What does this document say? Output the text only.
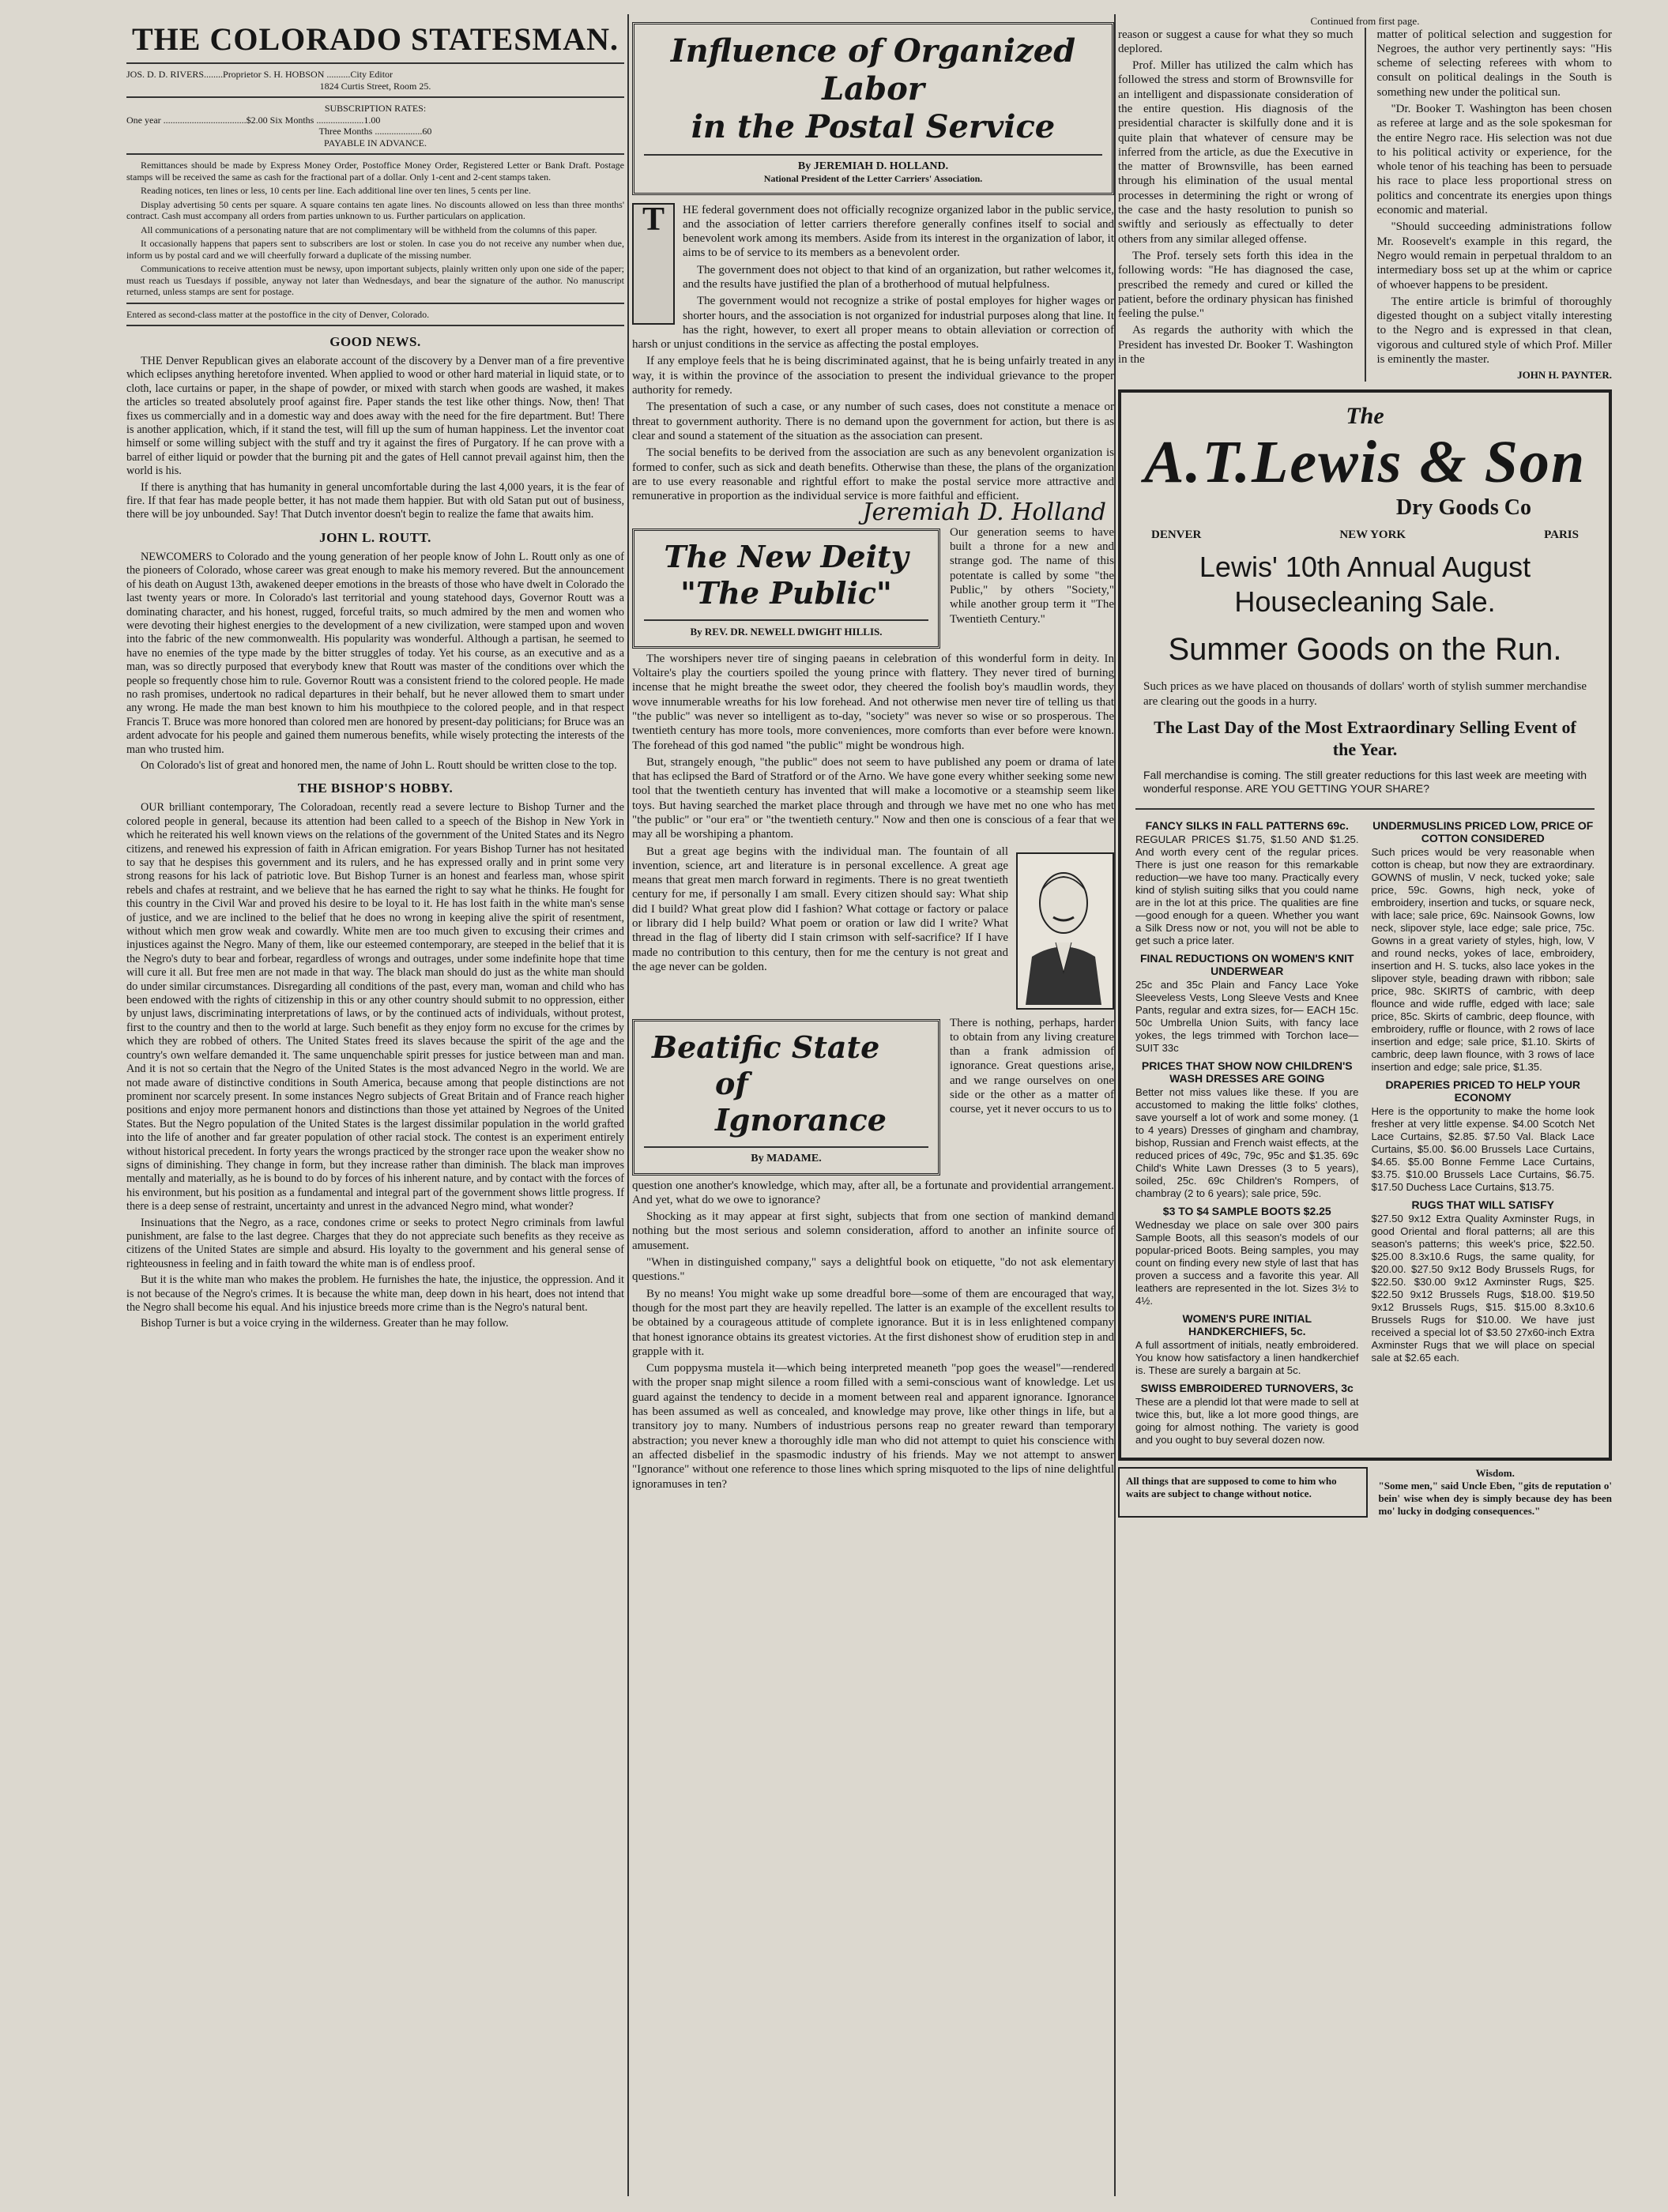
THE COLORADO STATESMAN.
JOS. D. D. RIVERS........Proprietor S. H. HOBSON ..........City Editor
1824 Curtis Street, Room 25.
SUBSCRIPTION RATES:
One year ...................................$2.00 Six Months ....................1.00
Three Months ....................60
PAYABLE IN ADVANCE.

Remittances should be made by Express Money Order, Postoffice Money Order, Registered Letter or Bank Draft. Postage stamps will be received the same as cash for the fractional part of a dollar. Only 1-cent and 2-cent stamps taken.

Reading notices, ten lines or less, 10 cents per line. Each additional line over ten lines, 5 cents per line.

Display advertising 50 cents per square. A square contains ten agate lines. No discounts allowed on less than three months' contract. Cash must accompany all orders from parties unknown to us. Further particulars on application.

All communications of a personating nature that are not complimentary will be withheld from the columns of this paper.

It occasionally happens that papers sent to subscribers are lost or stolen. In case you do not receive any number when due, inform us by postal card and we will cheerfully forward a duplicate of the missing number.

Communications to receive attention must be newsy, upon important subjects, plainly written only upon one side of the paper; must reach us Tuesdays if possible, anyway not later than Wednesdays, and bear the signature of the author. No manuscript returned, unless stamps are sent for postage.

Entered as second-class matter at the postoffice in the city of Denver, Colorado.
GOOD NEWS.

THE Denver Republican gives an elaborate account of the discovery by a Denver man of a fire preventive which eclipses anything heretofore invented. When applied to wood or other hard material in liquid state, or to cloth, lace curtains or paper, in the shape of powder, or mixed with starch when goods are washed, it makes the articles so treated absolutely proof against fire. Paper stands the test like other things. Now, then! That fixes us commercially and in a domestic way and does away with the need for the fire department. But! There is another application, which, if it stand the test, will fill up the sum of human happiness. Let the inventor coat himself or some willing subject with the stuff and try it against the fires of Purgatory. If he can prove with a barrel of either liquid or powder that the burning pit and the gates of Hell cannot prevail against him, then the world is his.

If there is anything that has humanity in general uncomfortable during the last 4,000 years, it is the fear of fire. If that fear has made people better, it has not made them happier. But with old Satan put out of business, there will be joy unbounded. Say! That Dutch inventor doesn't begin to realize the fame that awaits him.

JOHN L. ROUTT.

NEWCOMERS to Colorado and the young generation of her people know of John L. Routt only as one of the pioneers of Colorado, whose career was great enough to make his memory revered. But the announcement of his death on August 13th, awakened deeper emotions in the breasts of those who have dwelt in Colorado the last twenty years or more. In Colorado's last territorial and young statehood days, Governor Routt was a dominating character, and his honest, rugged, forceful traits, so much admired by the men and women who were devoting their highest energies to the development of a new civilization, were stamped upon and woven into the fabric of the new commonwealth. His popularity was wonderful. Although a partisan, he seemed to have no enemies of the type made by the bitter struggles of today. Yet his course, as an executive and as a man, was so directly purposed that everybody knew that Routt was master of the conditions over which the people so frequently chose him to rule. Governor Routt was a consistent friend to the colored people. He made no rash promises, undertook no radical departures in their behalf, but he never allowed them to smart under any wrong. He made the man best known to him his mouthpiece to the colored people, and in that respect Francis T. Bruce was more honored than colored men are honored by present-day politicians; for Bruce was an ardent advocate for his people and gained them numerous benefits, while wisely protecting the interests of the man who trusted him.

On Colorado's list of great and honored men, the name of John L. Routt should be written close to the top.

THE BISHOP'S HOBBY.

OUR brilliant contemporary, The Coloradoan, recently read a severe lecture to Bishop Turner and the colored people in general, because its attention had been called to a speech of the Bishop in New York in which he reiterated his well known views on the relations of the government of the United States and its Negro citizens, and renewed his expression of faith in African emigration. For years Bishop Turner has not hesitated to say that he despises this government and its rulers, and he has expressed orally and in print some very strong reasons for his lack of patriotic love. But Bishop Turner is an honest and fearless man, whose spirit rebels and chafes at restraint, and we believe that he has earned the right to say what he thinks. He fought for this country in the Civil War and proved his desire to be loyal to it. He has lost faith in the white man's sense of justice, and we are inclined to the belief that he does no wrong in keeping alive the spirit of resentment, without which men grow weak and cowardly. White men are too much given to excusing their crimes and injustices against the Negro. Many of them, like our esteemed contemporary, are steeped in the belief that it is the Negro's duty to bear and forbear, regardless of wrongs and outrages, under some indefinite hope that time will cure it all. But free men are not made in that way. The black man should do just as the white man should do under similar circumstances. Disregarding all conditions of the past, every man, woman and child who has been endowed with the rights of citizenship in this or any other country should submit to no oppression, either by unjust laws, discriminating interpretations of laws, or by the continued acts of individuals, without protest, first to the country and then to the world at large. Such benefit as they enjoy form no excuse for the crimes by which they are robbed of others. The United States freed its slaves because the spirit of the age and the country's own welfare demanded it. The same unquenchable spirit presses for justice between man and man. And it is not so certain that the Negro of the United States is the most advanced Negro in the world. We are not made aware of distinctive conditions in South America, because among that people distinctions are not prominent nor scarcely present. In some instances Negro subjects of Great Britain and of France reach higher positions and enjoy more permanent honors and distinctions than those yet attained by Negroes of the United States. But the Negro population of the United States is the largest dissimilar population in the world grafted into the life of another and far greater population of other racial stock. The contest is an experiment entirely without historical precedent. In forty years the wrongs practiced by the stronger race upon the weaker show no signs of diminishing. They change in form, but they increase rather than diminish. The black man improves mentally and materially, as he is bound to do by forces of his inherent nature, and by contact with the forces of his environment, but his position as a fundamental and integral part of the government shows little progress. If there is a deep sense of restraint, uncertainty and unrest in the advanced Negro mind, what wonder?

Insinuations that the Negro, as a race, condones crime or seeks to protect Negro criminals from lawful punishment, are false to the last degree. Charges that they do not appreciate such benefits as they receive as citizens of the United States are simple and absurd. His loyalty to the government and his general sense of righteousness in feeling and in faith toward the white man is of endless proof.

But it is the white man who makes the problem. He furnishes the hate, the injustice, the oppression. And it is not because of the Negro's crimes. It is because the white man, deep down in his heart, does not intend that the Negro shall become his equal. And his injustice breeds more crime than is the Negro's natural bent.

Bishop Turner is but a voice crying in the wilderness. Greater than he may follow.

Influence of Organized Labor
in the Postal Service
By JEREMIAH D. HOLLAND.
National President of the Letter Carriers' Association.
T	HE federal government does not officially recognize organized labor in the public service, and the association of letter carriers therefore generally confines itself to social and benevolent work among its members. Aside from its interest in the organization of labor, it aims to be of service to its members as a benevolent order.

The government does not object to that kind of an organization, but rather welcomes it, and the results have justified the plan of a brotherhood of mutual helpfulness.

The government would not recognize a strike of postal employes for higher wages or shorter hours, and the association is not organized for industrial purposes along that line. It has the right, however, to exert all proper means to obtain alleviation or correction of harsh or unjust conditions in the service as affecting the postal employes.

If any employe feels that he is being discriminated against, that he is being unfairly treated in any way, it is within the province of the association to present the individual grievance to the proper authority for remedy.

The presentation of such a case, or any number of such cases, does not constitute a menace or threat to government authority. There is no demand upon the government for action, but there is as clear and sound a statement of the situation as the association can present.

The social benefits to be derived from the association are such as any benevolent organization is formed to confer, such as sick and death benefits. Otherwise than these, the plans of the organization are to use every reasonable and rightful effort to make the postal service more attractive and remunerative in proportion as the individual service is more faithful and efficient.

Jeremiah D. Holland
The New Deity
"The Public"
By REV. DR. NEWELL DWIGHT HILLIS.
Our generation seems to have built a throne for a new and strange god. The name of this potentate is called by some "the Public," by others "Society," while another group term it "The Twentieth Century."

The worshipers never tire of singing paeans in celebration of this wonderful form in deity. In Voltaire's play the courtiers spoiled the young prince with flattery. They never tired of burning incense that he might breathe the sweet odor, they cheered the foolish boy's maudlin words, they wove innumerable wreaths for his low forehead. And not otherwise men never tire of telling us that "the public" was never so intelligent as to-day, "society" was never so wise or so prosperous. The twentieth century has more tools, more conveniences, more comforts than ever before were known. The forehead of this god named "the public" might be wondrous high.

But, strangely enough, "the public" does not seem to have published any poem or drama of late that has eclipsed the Bard of Stratford or of the Arno. We have gone every whither seeking some new tool that the twentieth century has invented that will make a locomotive or a steamship seem like toys. But having searched the market place through and through we have met no one who has met "the public" or "our era" or "the twentieth century." Now and then one is conscious of a fear that we may all be worshiping a phantom.

But a great age begins with the individual man. The fountain of all invention, science, art and literature is in personal excellence. A great age means that great men march forward in regiments. There is no great twentieth century for me, if personally I am small. Every citizen should say: What ship did I build? What great plow did I fashion? What cottage or factory or palace or library did I help build? What poem or oration or law did I write? What thread in the flag of liberty did I stain crimson with self-sacrifice? If I have made no contribution to this century, then for me the century is not great and the age never can be golden.

Beatific State
of Ignorance
By MADAME.
There is nothing, perhaps, harder to obtain from any living creature than a frank admission of ignorance. Great questions arise, and we range ourselves on one side or the other as a matter of course, yet it never occurs to us to

question one another's knowledge, which may, after all, be a fortunate and providential arrangement. And yet, what do we owe to ignorance?

Shocking as it may appear at first sight, subjects that from one section of mankind demand nothing but the most serious and solemn consideration, afford to another an infinite source of amusement.

"When in distinguished company," says a delightful book on etiquette, "do not ask elementary questions."

By no means! You might wake up some dreadful bore—some of them are encouraged that way, though for the most part they are heavily repelled. The latter is an example of the excellent results to be obtained by a courageous attitude of complete ignorance. But it is in less enlightened company that honest ignorance obtains its greatest victories. At the first dishonest show of erudition step in and grapple with it.

Cum poppysma mustela it—which being interpreted meaneth "pop goes the weasel"—rendered with the proper snap might silence a room filled with a semi-conscious want of knowledge. Let us guard against the tendency to decide in a moment between real and apparent ignorance. Ignorance has been assumed as well as concealed, and knowledge may prove, like other things in life, but a transitory joy to many. Numbers of industrious persons reap no greater reward than temporary abstraction; you never knew a thoroughly idle man who did not attempt to quiet his conscience with an affected disbelief in the spasmodic industry of his friends. May we not attempt to answer "Ignorance" without one reference to those lines which spring misquoted to the lips of nine delightful ignoramuses in ten?

Continued from first page.

reason or suggest a cause for what they so much deplored.

Prof. Miller has utilized the calm which has followed the stress and storm of Brownsville for an intelligent and dispassionate consideration of the entire question. His diagnosis of the presidential character is skilfully done and it is quite plain that whatever of censure may be inferred from the article, as due the Executive in the matter of Brownsville, has been earned through his elimination of the usual mental processes in determining the right or wrong of the case and the hasty resolution to punish so swiftly and seriously as effectually to deter others from any similar alleged offense.

The Prof. tersely sets forth this idea in the following words: "He has diagnosed the case, prescribed the remedy and cured or killed the patient, before the ordinary physican has finished feeling the pulse."

As regards the authority with which the President has invested Dr. Booker T. Washington in the

matter of political selection and suggestion for Negroes, the author very pertinently says: "His scheme of selecting referees with whom to consult on political dealings in the South is something new under the political sun.

"Dr. Booker T. Washington has been chosen as referee at large and as the sole spokesman for the entire Negro race. His selection was not due to his political activity or experience, for the whole tenor of his teaching has been to persuade his race to place less proportional stress on politics and concentrate its energies upon things economic and material.

"Should succeeding administrations follow Mr. Roosevelt's example in this regard, the Negro would remain in perpetual thraldom to an intermediary boss set up at the whim or caprice of whoever happens to be president.

The entire article is brimful of thoroughly digested thought on a subject vitally interesting to the Negro and is expressed in that clean, vigorous and cultured style of which Prof. Miller is eminently the master.

JOHN H. PAYNTER.
The
A.T.Lewis & Son
Dry Goods Co
DENVER	NEW YORK	PARIS
Lewis' 10th Annual August
Housecleaning Sale.
Summer Goods on the Run.
Such prices as we have placed on thousands of dollars' worth of stylish summer merchandise are clearing out the goods in a hurry.
The Last Day of the Most Extraordinary Selling Event of the Year.
Fall merchandise is coming. The still greater reductions for this last week are meeting with wonderful response. ARE YOU GETTING YOUR SHARE?
FANCY SILKS IN FALL PATTERNS 69c.
REGULAR PRICES $1.75, $1.50 AND $1.25. And worth every cent of the regular prices. There is just one reason for this remarkable reduction—we have too many. Practically every kind of stylish suiting silks that you could name are in the lot at this price. The qualities are fine—good enough for a queen. Whether you want a Silk Dress now or not, you will not be able to get such a price later.
FINAL REDUCTIONS ON WOMEN'S KNIT UNDERWEAR
25c and 35c Plain and Fancy Lace Yoke Sleeveless Vests, Long Sleeve Vests and Knee Pants, regular and extra sizes, for— EACH 15c. 50c Umbrella Union Suits, with fancy lace yokes, the legs trimmed with Torchon lace— SUIT 33c
PRICES THAT SHOW NOW CHILDREN'S WASH DRESSES ARE GOING
Better not miss values like these. If you are accustomed to making the little folks' clothes, save yourself a lot of work and some money. (1 to 4 years) Dresses of gingham and chambray, bishop, Russian and French waist effects, at the reduced prices of 49c, 79c, 95c and $1.35. 69c Child's White Lawn Dresses (3 to 5 years), soiled, 25c. 69c Children's Rompers, of chambray (2 to 6 years); sale price, 59c.
$3 TO $4 SAMPLE BOOTS $2.25
Wednesday we place on sale over 300 pairs Sample Boots, all this season's models of our popular-priced Boots. Being samples, you may count on finding every new style of last that has proven a success and a favorite this year. All leathers are represented in the lot. Sizes 3½ to 4½.
WOMEN'S PURE INITIAL HANDKERCHIEFS, 5c.
A full assortment of initials, neatly embroidered. You know how satisfactory a linen handkerchief is. These are surely a bargain at 5c.
SWISS EMBROIDERED TURNOVERS, 3c
These are a plendid lot that were made to sell at twice this, but, like a lot more good things, are going for almost nothing. The variety is good and you ought to buy several dozen now.
UNDERMUSLINS PRICED LOW, PRICE OF COTTON CONSIDERED
Such prices would be very reasonable when cotton is cheap, but now they are extraordinary. GOWNS of muslin, V neck, tucked yoke; sale price, 59c. Gowns, high neck, yoke of embroidery, insertion and tucks, or square neck, with lace; sale price, 69c. Nainsook Gowns, low neck, slipover style, lace edge; sale price, 75c. Gowns in a great variety of styles, high, low, V and round necks, yokes of lace, embroidery, insertion and H. S. tucks, also lace yokes in the slipover style, beading drawn with ribbon; sale price, 98c. SKIRTS of cambric, with deep flounce and wide ruffle, edged with lace; sale price, 85c. Skirts of cambric, deep flounce, with embroidery, ruffle or flounce, with 2 rows of lace insertion and edge; sale price, $1.10. Skirts of cambric, deep lawn flounce, with 3 rows of lace insertion and edge; sale price, $1.35.
DRAPERIES PRICED TO HELP YOUR ECONOMY
Here is the opportunity to make the home look fresher at very little expense. $4.00 Scotch Net Lace Curtains, $2.85. $7.50 Val. Black Lace Curtains, $5.00. $6.00 Brussels Lace Curtains, $4.65. $5.00 Bonne Femme Lace Curtains, $3.75. $10.00 Brussels Lace Curtains, $6.75. $17.50 Duchess Lace Curtains, $13.75.
RUGS THAT WILL SATISFY
$27.50 9x12 Extra Quality Axminster Rugs, in good Oriental and floral patterns; all are this season's patterns; this week's price, $22.50. $25.00 8.3x10.6 Rugs, the same quality, for $20.00. $27.50 9x12 Body Brussels Rugs, for $22.50. $30.00 9x12 Axminster Rugs, $25. $22.50 9x12 Brussels Rugs, $18.00. $19.50 9x12 Brussels Rugs, $15. $15.00 8.3x10.6 Brussels Rugs for $10.00. We have just received a special lot of $3.50 27x60-inch Extra Axminster Rugs that we will place on special sale at $2.65 each.
All things that are supposed to come to him who waits are subject to change without notice.
Wisdom.
"Some men," said Uncle Eben, "gits de reputation o' bein' wise when dey is simply because dey has been mo' lucky in dodging consequences."
